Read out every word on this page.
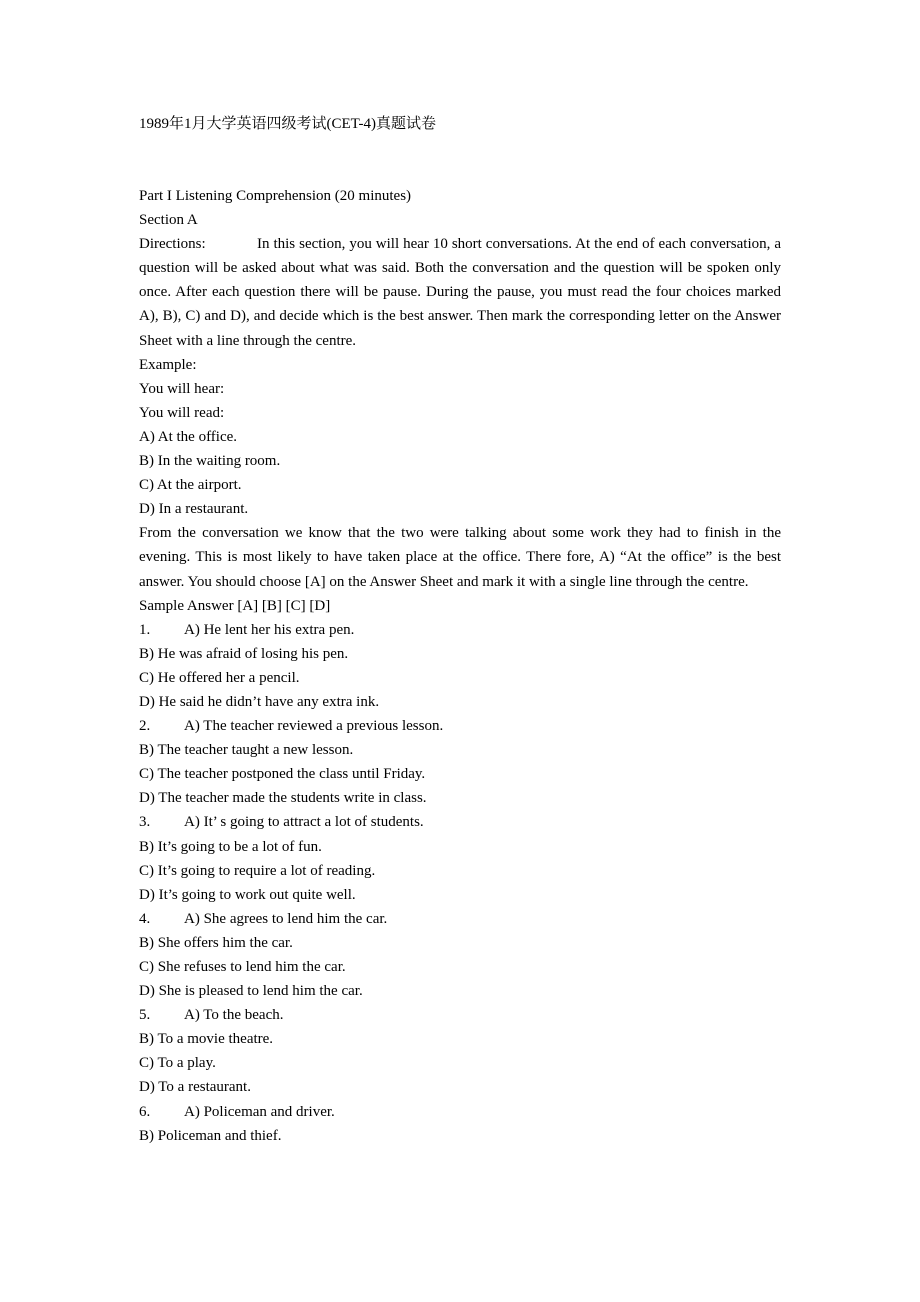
1989年1月大学英语四级考试(CET-4)真题试卷

Part I Listening Comprehension (20 minutes)

Section A

Directions:	In this section, you will hear 10 short conversations. At the end of each conversation, a question will be asked about what was said. Both the conversation and the question will be spoken only once. After each question there will be pause. During the pause, you must read the four choices marked A), B), C) and D), and decide which is the best answer. Then mark the corresponding letter on the Answer Sheet with a line through the centre.

Example:

You will hear:

You will read:

A) At the office.

B) In the waiting room.

C) At the airport.

D) In a restaurant.

From the conversation we know that the two were talking about some work they had to finish in the evening. This is most likely to have taken place at the office. There fore, A) “At the office” is the best answer. You should choose [A] on the Answer Sheet and mark it with a single line through the centre.

Sample Answer [A] [B] [C] [D]

1. A) He lent her his extra pen.

B) He was afraid of losing his pen.

C) He offered her a pencil.

D) He said he didn’t have any extra ink.

2. A) The teacher reviewed a previous lesson.

B) The teacher taught a new lesson.

C) The teacher postponed the class until Friday.

D) The teacher made the students write in class.

3. A) It’ s going to attract a lot of students.

B) It’s going to be a lot of fun.

C) It’s going to require a lot of reading.

D) It’s going to work out quite well.

4. A) She agrees to lend him the car.

B) She offers him the car.

C) She refuses to lend him the car.

D) She is pleased to lend him the car.

5. A) To the beach.

B) To a movie theatre.

C) To a play.

D) To a restaurant.

6. A) Policeman and driver.

B) Policeman and thief.
